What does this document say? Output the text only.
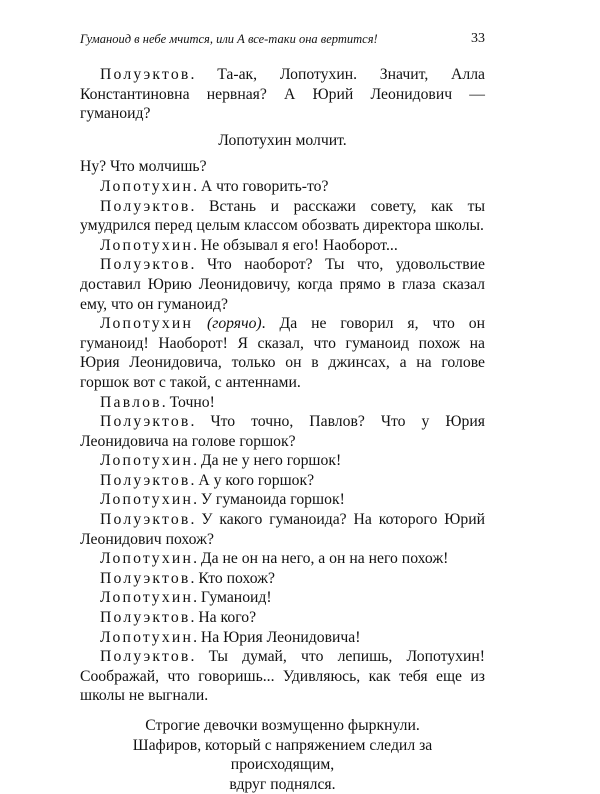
Гуманоид в небе мчится, или А все-таки она вертится!	33

Полуэктов. Та-ак, Лопотухин. Значит, Алла Константиновна нервная? А Юрий Леонидович — гуманоид?

Лопотухин молчит.

Ну? Что молчишь?

Лопотухин. А что говорить-то?

Полуэктов. Встань и расскажи совету, как ты умудрился перед целым классом обозвать директора школы.

Лопотухин. Не обзывал я его! Наоборот...

Полуэктов. Что наоборот? Ты что, удовольствие доставил Юрию Леонидовичу, когда прямо в глаза сказал ему, что он гуманоид?

Лопотухин (горячо). Да не говорил я, что он гуманоид! Наоборот! Я сказал, что гуманоид похож на Юрия Леонидовича, только он в джинсах, а на голове горшок вот с такой, с антеннами.

Павлов. Точно!

Полуэктов. Что точно, Павлов? Что у Юрия Леонидовича на голове горшок?

Лопотухин. Да не у него горшок!

Полуэктов. А у кого горшок?

Лопотухин. У гуманоида горшок!

Полуэктов. У какого гуманоида? На которого Юрий Леонидович похож?

Лопотухин. Да не он на него, а он на него похож!

Полуэктов. Кто похож?

Лопотухин. Гуманоид!

Полуэктов. На кого?

Лопотухин. На Юрия Леонидовича!

Полуэктов. Ты думай, что лепишь, Лопотухин! Соображай, что говоришь... Удивляюсь, как тебя еще из школы не выгнали.

Строгие девочки возмущенно фыркнули.
Шафиров, который с напряжением следил за происходящим,
вдруг поднялся.
